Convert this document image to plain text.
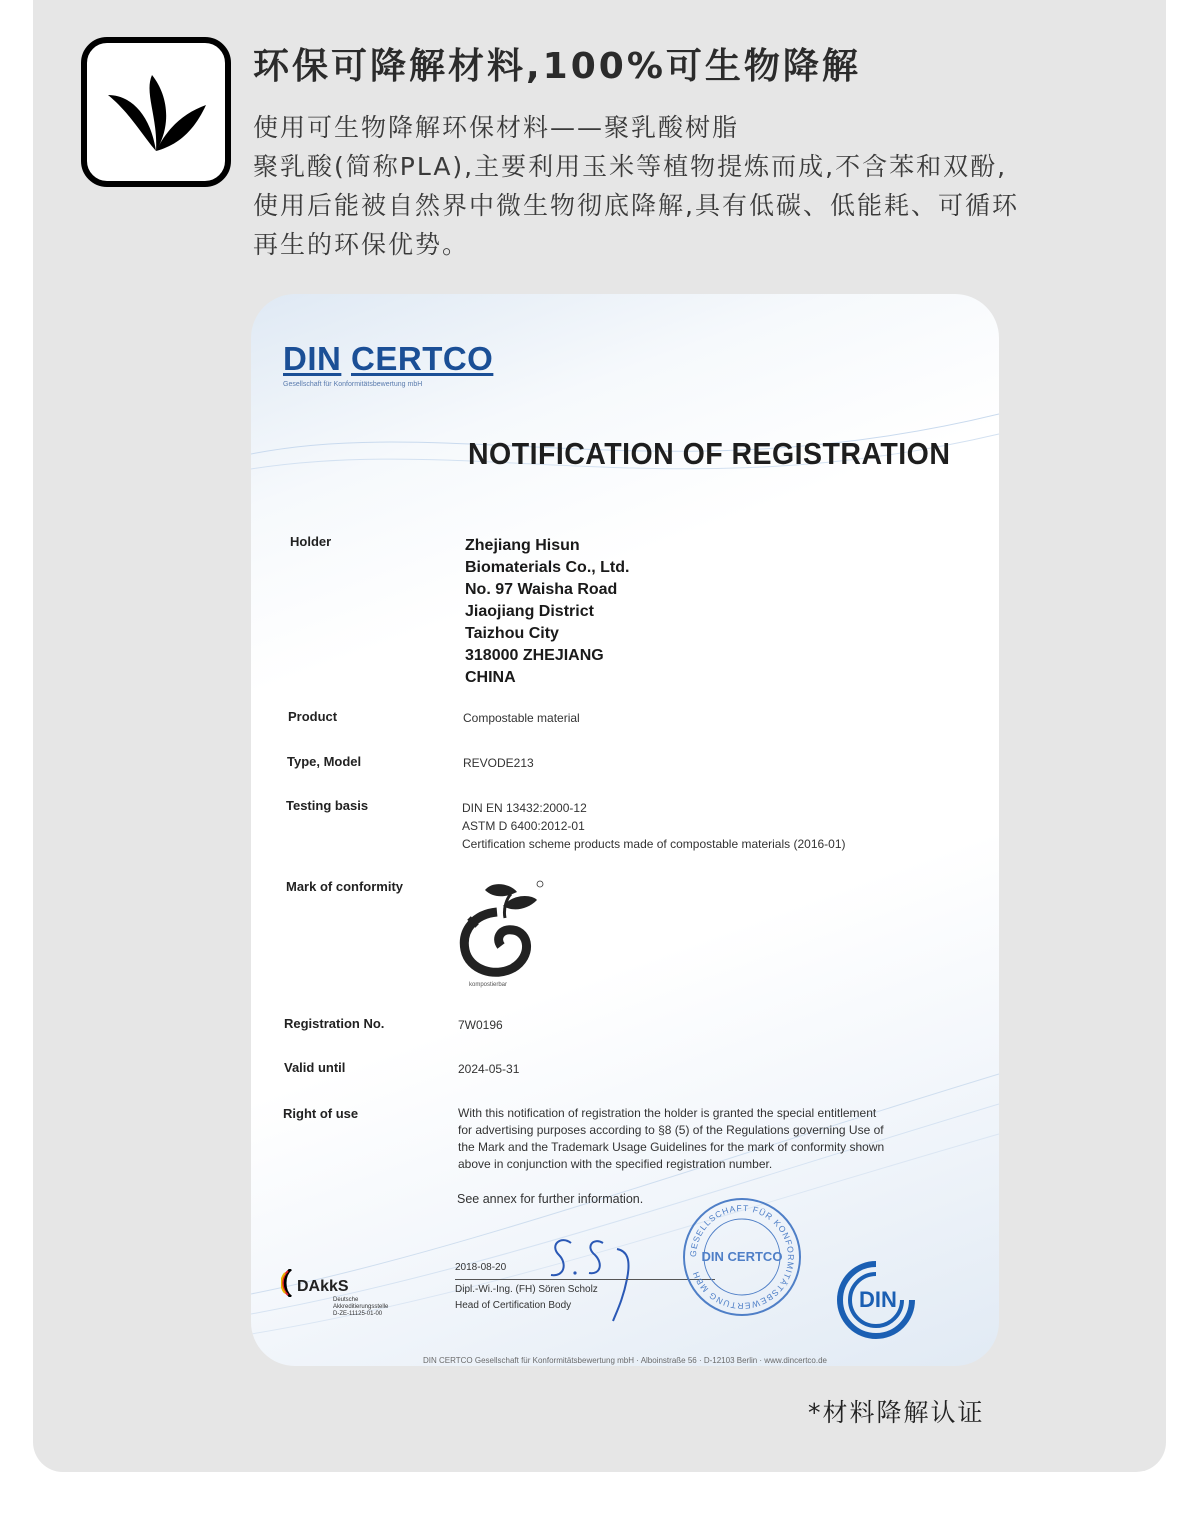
环保可降解材料,100%可生物降解

使用可生物降解环保材料——聚乳酸树脂

聚乳酸(简称PLA),主要利用玉米等植物提炼而成,不含苯和双酚,

使用后能被自然界中微生物彻底降解,具有低碳、低能耗、可循环

再生的环保优势。

DIN CERTCO
Gesellschaft für Konformitätsbewertung mbH
NOTIFICATION OF REGISTRATION
Holder	Zhejiang Hisun
Biomaterials Co., Ltd.
No. 97 Waisha Road
Jiaojiang District
Taizhou City
318000 ZHEJIANG
CHINA
Product	Compostable material
Type, Model	REVODE213
Testing basis	DIN EN 13432:2000-12
ASTM D 6400:2012-01
Certification scheme products made of compostable materials (2016-01)
Mark of conformity
kompostierbar
Registration No.	7W0196
Valid until	2024-05-31
Right of use	With this notification of registration the holder is granted the special entitlement
for advertising purposes according to §8 (5) of the Regulations governing Use of
the Mark and the Trademark Usage Guidelines for the mark of conformity shown
above in conjunction with the specified registration number.
See annex for further information.
2018-08-20
Dipl.-Wi.-Ing. (FH) Sören Scholz
Head of Certification Body
GESELLSCHAFT FÜR KONFORMITÄTSBEWERTUNG MBH
DIN CERTCO
DAkkS
Deutsche
Akkreditierungsstelle
D-ZE-11125-01-00
DIN
DIN CERTCO Gesellschaft für Konformitätsbewertung mbH · Alboinstraße 56 · D-12103 Berlin · www.dincertco.de
*材料降解认证
